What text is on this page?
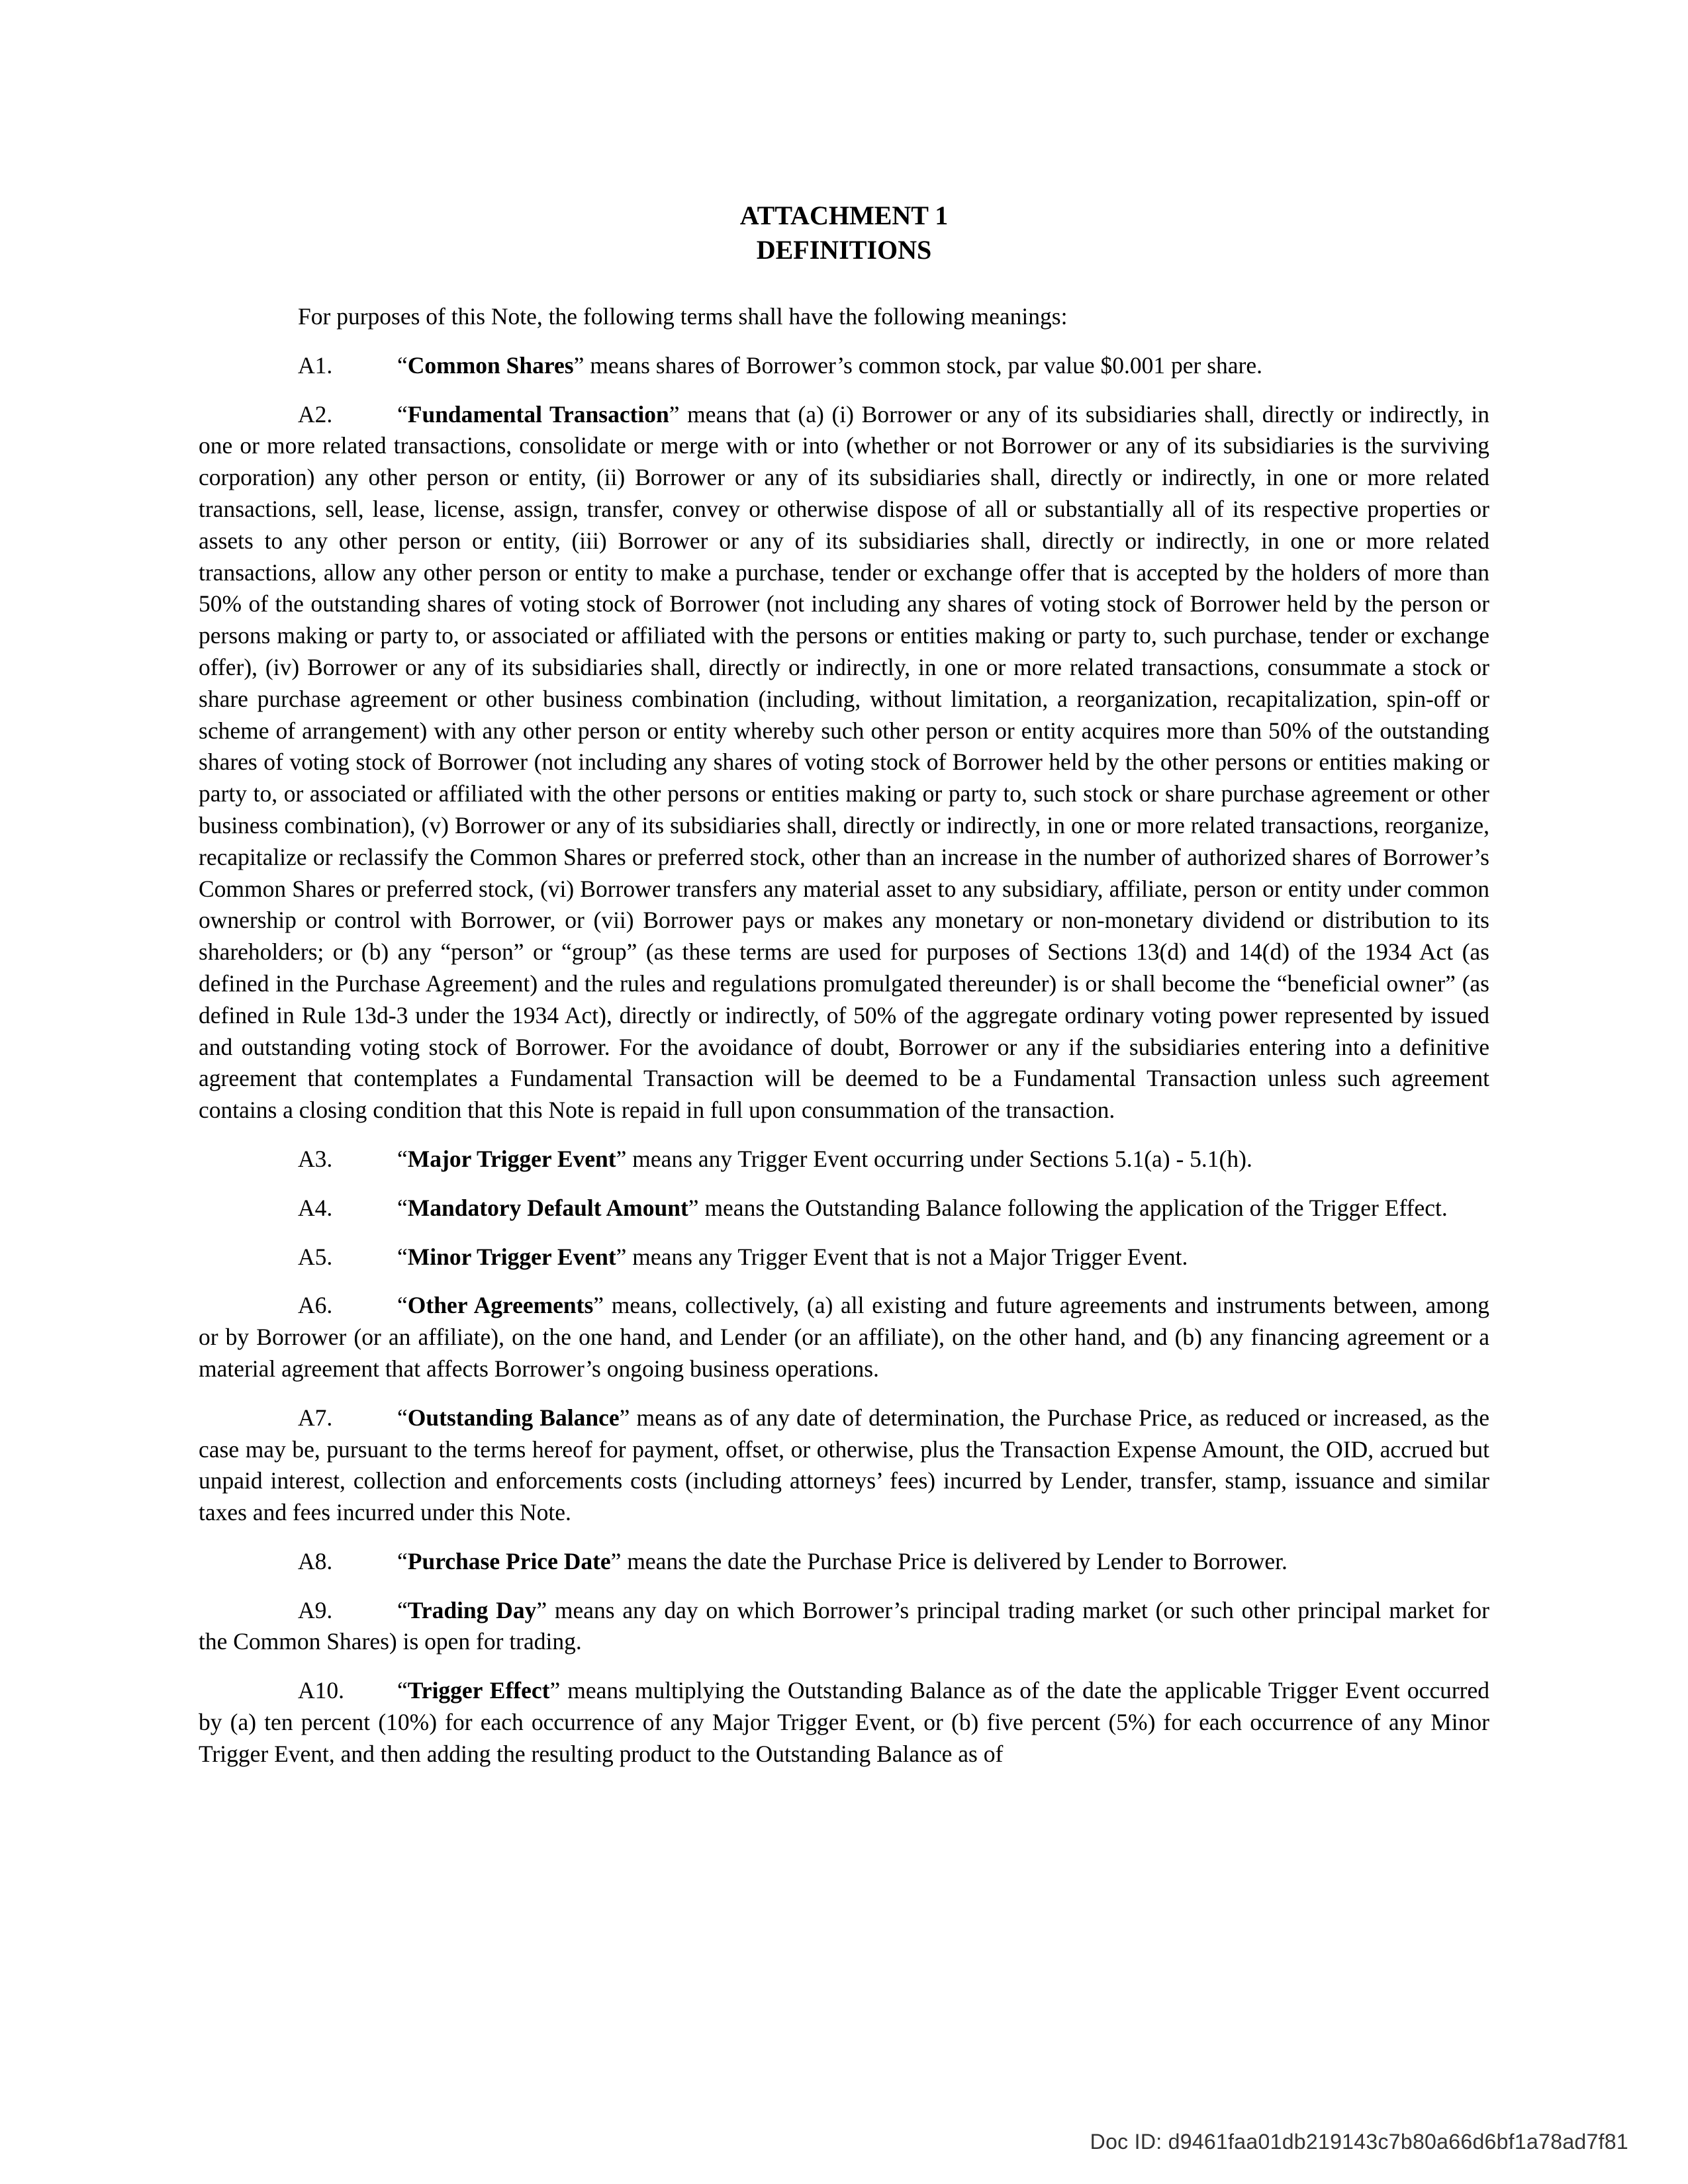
ATTACHMENT 1
DEFINITIONS

For purposes of this Note, the following terms shall have the following meanings:

A1.	“Common Shares” means shares of Borrower’s common stock, par value $0.001 per share.

A2.	“Fundamental Transaction” means that (a) (i) Borrower or any of its subsidiaries shall, directly or indirectly, in one or more related transactions, consolidate or merge with or into (whether or not Borrower or any of its subsidiaries is the surviving corporation) any other person or entity, (ii) Borrower or any of its subsidiaries shall, directly or indirectly, in one or more related transactions, sell, lease, license, assign, transfer, convey or otherwise dispose of all or substantially all of its respective properties or assets to any other person or entity, (iii) Borrower or any of its subsidiaries shall, directly or indirectly, in one or more related transactions, allow any other person or entity to make a purchase, tender or exchange offer that is accepted by the holders of more than 50% of the outstanding shares of voting stock of Borrower (not including any shares of voting stock of Borrower held by the person or persons making or party to, or associated or affiliated with the persons or entities making or party to, such purchase, tender or exchange offer), (iv) Borrower or any of its subsidiaries shall, directly or indirectly, in one or more related transactions, consummate a stock or share purchase agreement or other business combination (including, without limitation, a reorganization, recapitalization, spin-off or scheme of arrangement) with any other person or entity whereby such other person or entity acquires more than 50% of the outstanding shares of voting stock of Borrower (not including any shares of voting stock of Borrower held by the other persons or entities making or party to, or associated or affiliated with the other persons or entities making or party to, such stock or share purchase agreement or other business combination), (v) Borrower or any of its subsidiaries shall, directly or indirectly, in one or more related transactions, reorganize, recapitalize or reclassify the Common Shares or preferred stock, other than an increase in the number of authorized shares of Borrower’s Common Shares or preferred stock, (vi) Borrower transfers any material asset to any subsidiary, affiliate, person or entity under common ownership or control with Borrower, or (vii) Borrower pays or makes any monetary or non-monetary dividend or distribution to its shareholders; or (b) any “person” or “group” (as these terms are used for purposes of Sections 13(d) and 14(d) of the 1934 Act (as defined in the Purchase Agreement) and the rules and regulations promulgated thereunder) is or shall become the “beneficial owner” (as defined in Rule 13d-3 under the 1934 Act), directly or indirectly, of 50% of the aggregate ordinary voting power represented by issued and outstanding voting stock of Borrower. For the avoidance of doubt, Borrower or any if the subsidiaries entering into a definitive agreement that contemplates a Fundamental Transaction will be deemed to be a Fundamental Transaction unless such agreement contains a closing condition that this Note is repaid in full upon consummation of the transaction.

A3.	“Major Trigger Event” means any Trigger Event occurring under Sections 5.1(a) - 5.1(h).

A4.	“Mandatory Default Amount” means the Outstanding Balance following the application of the Trigger Effect.

A5.	“Minor Trigger Event” means any Trigger Event that is not a Major Trigger Event.

A6.	“Other Agreements” means, collectively, (a) all existing and future agreements and instruments between, among or by Borrower (or an affiliate), on the one hand, and Lender (or an affiliate), on the other hand, and (b) any financing agreement or a material agreement that affects Borrower’s ongoing business operations.

A7.	“Outstanding Balance” means as of any date of determination, the Purchase Price, as reduced or increased, as the case may be, pursuant to the terms hereof for payment, offset, or otherwise, plus the Transaction Expense Amount, the OID, accrued but unpaid interest, collection and enforcements costs (including attorneys’ fees) incurred by Lender, transfer, stamp, issuance and similar taxes and fees incurred under this Note.

A8.	“Purchase Price Date” means the date the Purchase Price is delivered by Lender to Borrower.

A9.	“Trading Day” means any day on which Borrower’s principal trading market (or such other principal market for the Common Shares) is open for trading.

A10. “Trigger Effect” means multiplying the Outstanding Balance as of the date the applicable Trigger Event occurred by (a) ten percent (10%) for each occurrence of any Major Trigger Event, or (b) five percent (5%) for each occurrence of any Minor Trigger Event, and then adding the resulting product to the Outstanding Balance as of

Doc ID: d9461faa01db219143c7b80a66d6bf1a78ad7f81
